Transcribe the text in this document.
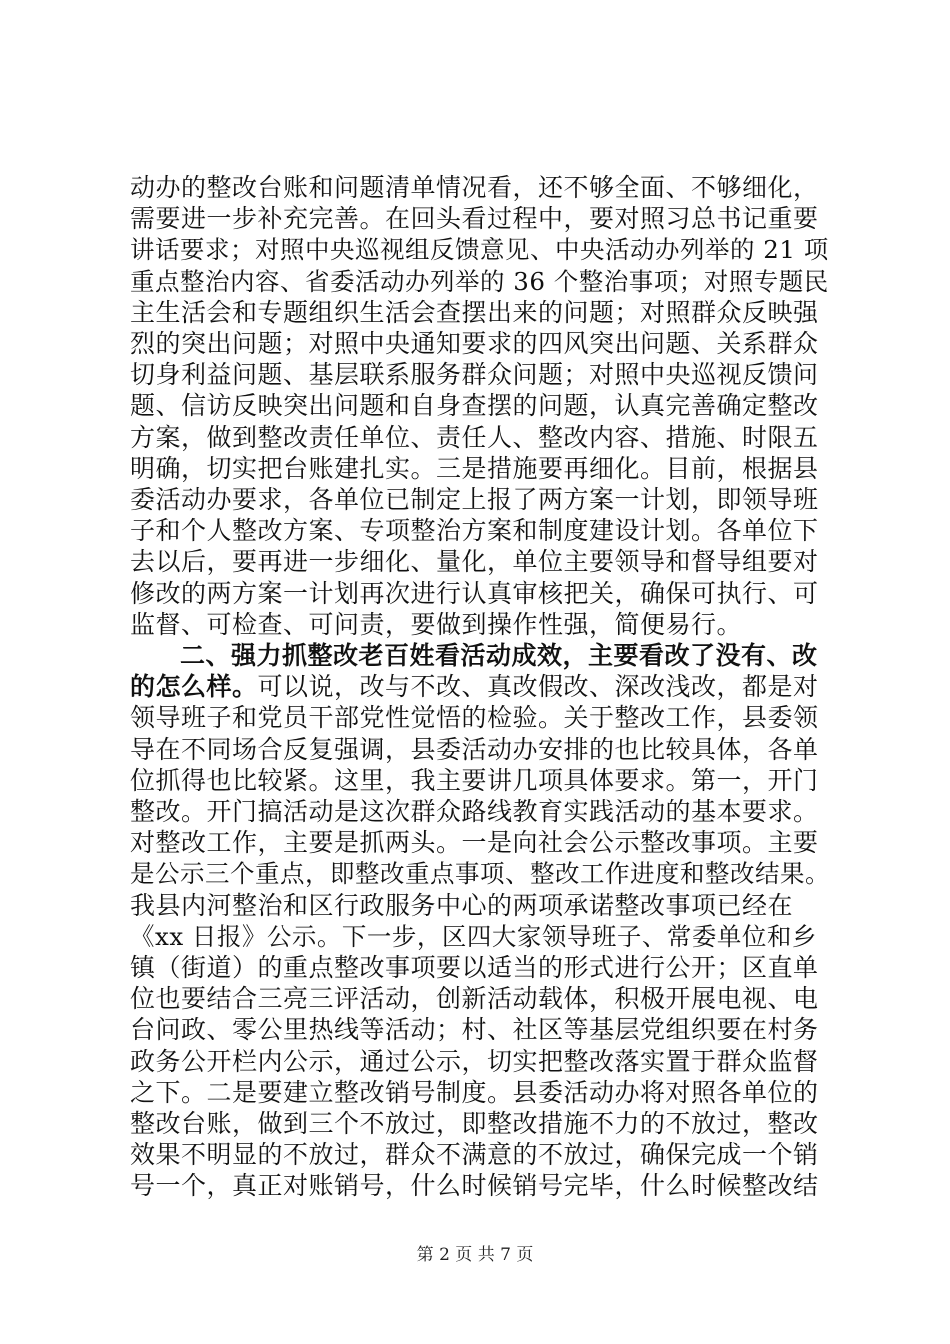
动办的整改台账和问题清单情况看，还不够全面、不够细化，
需要进一步补充完善。在回头看过程中，要对照习总书记重要
讲话要求；对照中央巡视组反馈意见、中央活动办列举的 21 项
重点整治内容、省委活动办列举的 36 个整治事项；对照专题民
主生活会和专题组织生活会查摆出来的问题；对照群众反映强
烈的突出问题；对照中央通知要求的四风突出问题、关系群众
切身利益问题、基层联系服务群众问题；对照中央巡视反馈问
题、信访反映突出问题和自身查摆的问题，认真完善确定整改
方案，做到整改责任单位、责任人、整改内容、措施、时限五
明确，切实把台账建扎实。三是措施要再细化。目前，根据县
委活动办要求，各单位已制定上报了两方案一计划，即领导班
子和个人整改方案、专项整治方案和制度建设计划。各单位下
去以后，要再进一步细化、量化，单位主要领导和督导组要对
修改的两方案一计划再次进行认真审核把关，确保可执行、可
监督、可检查、可问责，要做到操作性强，简便易行。
二、强力抓整改老百姓看活动成效，主要看改了没有、改
的怎么样。可以说，改与不改、真改假改、深改浅改，都是对
领导班子和党员干部党性觉悟的检验。关于整改工作，县委领
导在不同场合反复强调，县委活动办安排的也比较具体，各单
位抓得也比较紧。这里，我主要讲几项具体要求。第一，开门
整改。开门搞活动是这次群众路线教育实践活动的基本要求。
对整改工作，主要是抓两头。一是向社会公示整改事项。主要
是公示三个重点，即整改重点事项、整改工作进度和整改结果。
我县内河整治和区行政服务中心的两项承诺整改事项已经在
《xx 日报》公示。下一步，区四大家领导班子、常委单位和乡
镇（街道）的重点整改事项要以适当的形式进行公开；区直单
位也要结合三亮三评活动，创新活动载体，积极开展电视、电
台问政、零公里热线等活动；村、社区等基层党组织要在村务
政务公开栏内公示，通过公示，切实把整改落实置于群众监督
之下。二是要建立整改销号制度。县委活动办将对照各单位的
整改台账，做到三个不放过，即整改措施不力的不放过，整改
效果不明显的不放过，群众不满意的不放过，确保完成一个销
号一个，真正对账销号，什么时候销号完毕，什么时候整改结
第 2 页 共 7 页
